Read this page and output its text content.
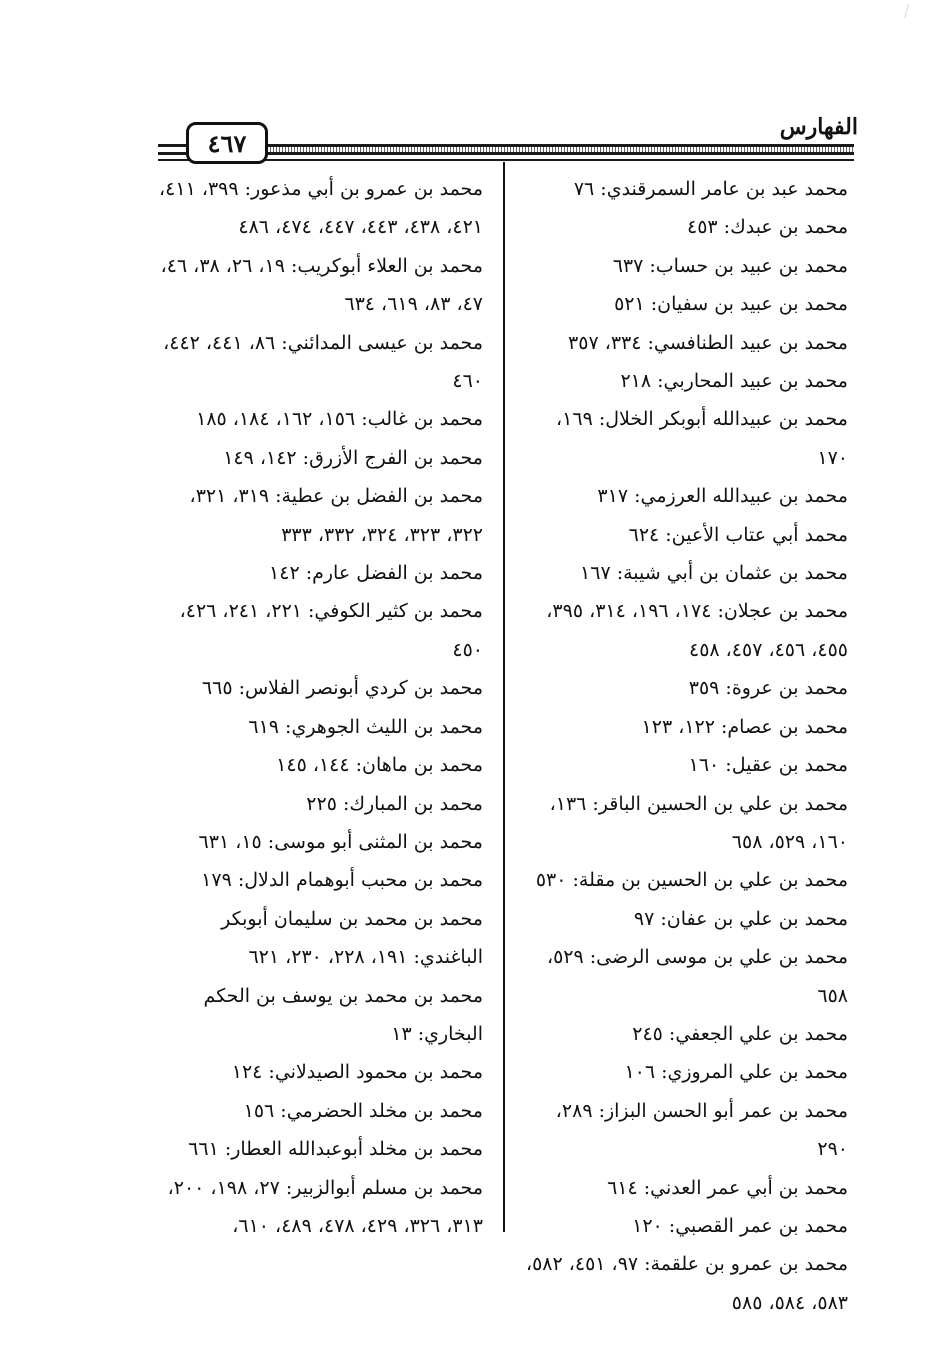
الفهارس
٤٦٧

محمد عبد بن عامر السمرقندي: ٧٦

محمد بن عبدك: ٤٥٣

محمد بن عبيد بن حساب: ٦٣٧

محمد بن عبيد بن سفيان: ٥٢١

محمد بن عبيد الطنافسي: ٣٣٤، ٣٥٧

محمد بن عبيد المحاربي: ٢١٨

محمد بن عبيدالله أبوبكر الخلال: ١٦٩، ١٧٠

محمد بن عبيدالله العرزمي: ٣١٧

محمد أبي عتاب الأعين: ٦٢٤

محمد بن عثمان بن أبي شيبة: ١٦٧

محمد بن عجلان: ١٧٤، ١٩٦، ٣١٤، ٣٩٥، ٤٥٥، ٤٥٦، ٤٥٧، ٤٥٨

محمد بن عروة: ٣٥٩

محمد بن عصام: ١٢٢، ١٢٣

محمد بن عقيل: ١٦٠

محمد بن علي بن الحسين الباقر: ١٣٦، ١٦٠، ٥٢٩، ٦٥٨

محمد بن علي بن الحسين بن مقلة: ٥٣٠

محمد بن علي بن عفان: ٩٧

محمد بن علي بن موسى الرضى: ٥٢٩، ٦٥٨

محمد بن علي الجعفي: ٢٤٥

محمد بن علي المروزي: ١٠٦

محمد بن عمر أبو الحسن البزاز: ٢٨٩، ٢٩٠

محمد بن أبي عمر العدني: ٦١٤

محمد بن عمر القصبي: ١٢٠

محمد بن عمرو بن علقمة: ٩٧، ٤٥١، ٥٨٢، ٥٨٣، ٥٨٤، ٥٨٥

محمد بن عمرو بن أبي مذعور: ٣٩٩، ٤١١، ٤٢١، ٤٣٨، ٤٤٣، ٤٤٧، ٤٧٤، ٤٨٦

محمد بن العلاء أبوكريب: ١٩، ٢٦، ٣٨، ٤٦، ٤٧، ٨٣، ٦١٩، ٦٣٤

محمد بن عيسى المدائني: ٨٦، ٤٤١، ٤٤٢، ٤٦٠

محمد بن غالب: ١٥٦، ١٦٢، ١٨٤، ١٨٥

محمد بن الفرج الأزرق: ١٤٢، ١٤٩

محمد بن الفضل بن عطية: ٣١٩، ٣٢١، ٣٢٢، ٣٢٣، ٣٢٤، ٣٣٢، ٣٣٣

محمد بن الفضل عارم: ١٤٢

محمد بن كثير الكوفي: ٢٢١، ٢٤١، ٤٢٦، ٤٥٠

محمد بن كردي أبونصر الفلاس: ٦٦٥

محمد بن الليث الجوهري: ٦١٩

محمد بن ماهان: ١٤٤، ١٤٥

محمد بن المبارك: ٢٢٥

محمد بن المثنى أبو موسى: ١٥، ٦٣١

محمد بن محبب أبوهمام الدلال: ١٧٩

محمد بن محمد بن سليمان أبوبكر الباغندي: ١٩١، ٢٢٨، ٢٣٠، ٦٢١

محمد بن محمد بن يوسف بن الحكم البخاري: ١٣

محمد بن محمود الصيدلاني: ١٢٤

محمد بن مخلد الحضرمي: ١٥٦

محمد بن مخلد أبوعبدالله العطار: ٦٦١

محمد بن مسلم أبوالزبير: ٢٧، ١٩٨، ٢٠٠، ٣١٣، ٣٢٦، ٤٢٩، ٤٧٨، ٤٨٩، ٦١٠،
